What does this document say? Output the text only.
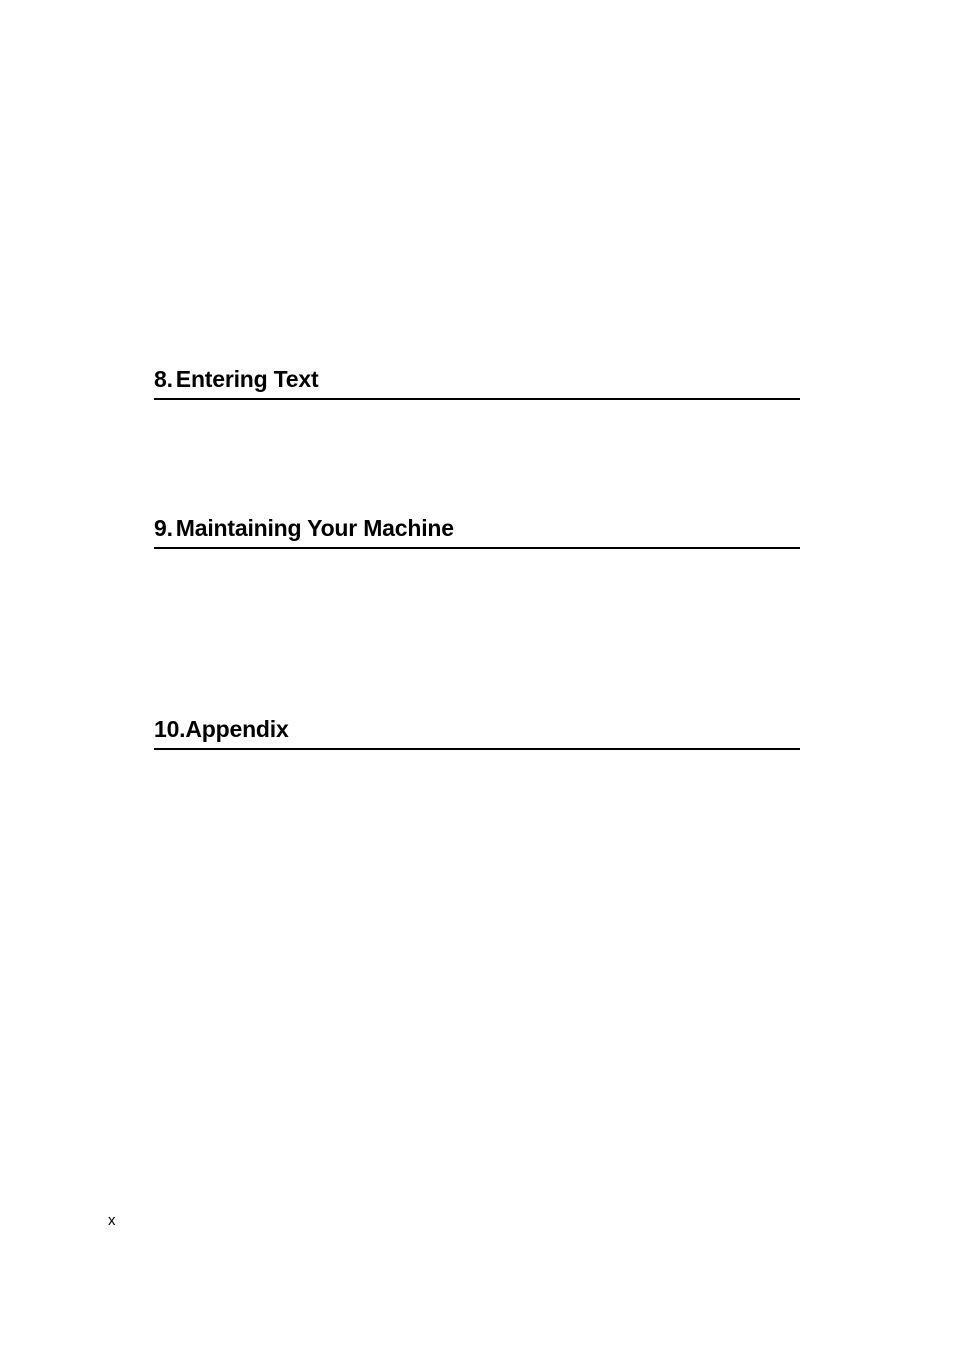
8. Entering Text
9. Maintaining Your Machine
10. Appendix
x
